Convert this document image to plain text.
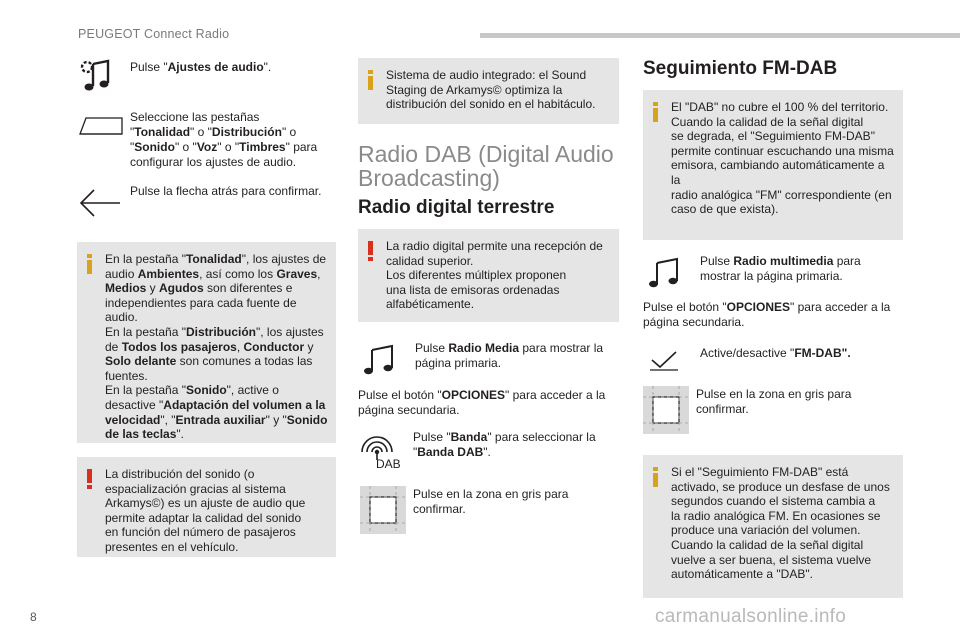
PEUGEOT Connect Radio
8	carmanualsonline.info
Pulse "Ajustes de audio".
Seleccione las pestañas
"Tonalidad" o "Distribución" o
"Sonido" o "Voz" o "Timbres" para
configurar los ajustes de audio.
Pulse la flecha atrás para confirmar.
En la pestaña "Tonalidad", los ajustes de
audio Ambientes, así como los Graves,
Medios y Agudos son diferentes e
independientes para cada fuente de audio.
En la pestaña "Distribución", los ajustes
de Todos los pasajeros, Conductor y
Solo delante son comunes a todas las
fuentes.
En la pestaña "Sonido", active o
desactive "Adaptación del volumen a la
velocidad", "Entrada auxiliar" y "Sonido
de las teclas".
La distribución del sonido (o
espacialización gracias al sistema
Arkamys©) es un ajuste de audio que
permite adaptar la calidad del sonido
en función del número de pasajeros
presentes en el vehículo.
Sistema de audio integrado: el Sound
Staging de Arkamys© optimiza la
distribución del sonido en el habitáculo.
Radio DAB (Digital Audio
Broadcasting)
Radio digital terrestre
La radio digital permite una recepción de
calidad superior.
Los diferentes múltiplex proponen
una lista de emisoras ordenadas
alfabéticamente.
Pulse Radio Media para mostrar la
página primaria.
Pulse el botón "OPCIONES" para acceder a la
página secundaria.
DAB
Pulse "Banda" para seleccionar la
"Banda DAB".
Pulse en la zona en gris para
confirmar.
Seguimiento FM-DAB
El "DAB" no cubre el 100 % del territorio.
Cuando la calidad de la señal digital
se degrada, el "Seguimiento FM-DAB"
permite continuar escuchando una misma
emisora, cambiando automáticamente a la
radio analógica "FM" correspondiente (en
caso de que exista).
Pulse Radio multimedia para
mostrar la página primaria.
Pulse el botón "OPCIONES" para acceder a la
página secundaria.
Active/desactive "FM-DAB".
Pulse en la zona en gris para
confirmar.
Si el "Seguimiento FM-DAB" está
activado, se produce un desfase de unos
segundos cuando el sistema cambia a
la radio analógica FM. En ocasiones se
produce una variación del volumen.
Cuando la calidad de la señal digital
vuelve a ser buena, el sistema vuelve
automáticamente a "DAB".
